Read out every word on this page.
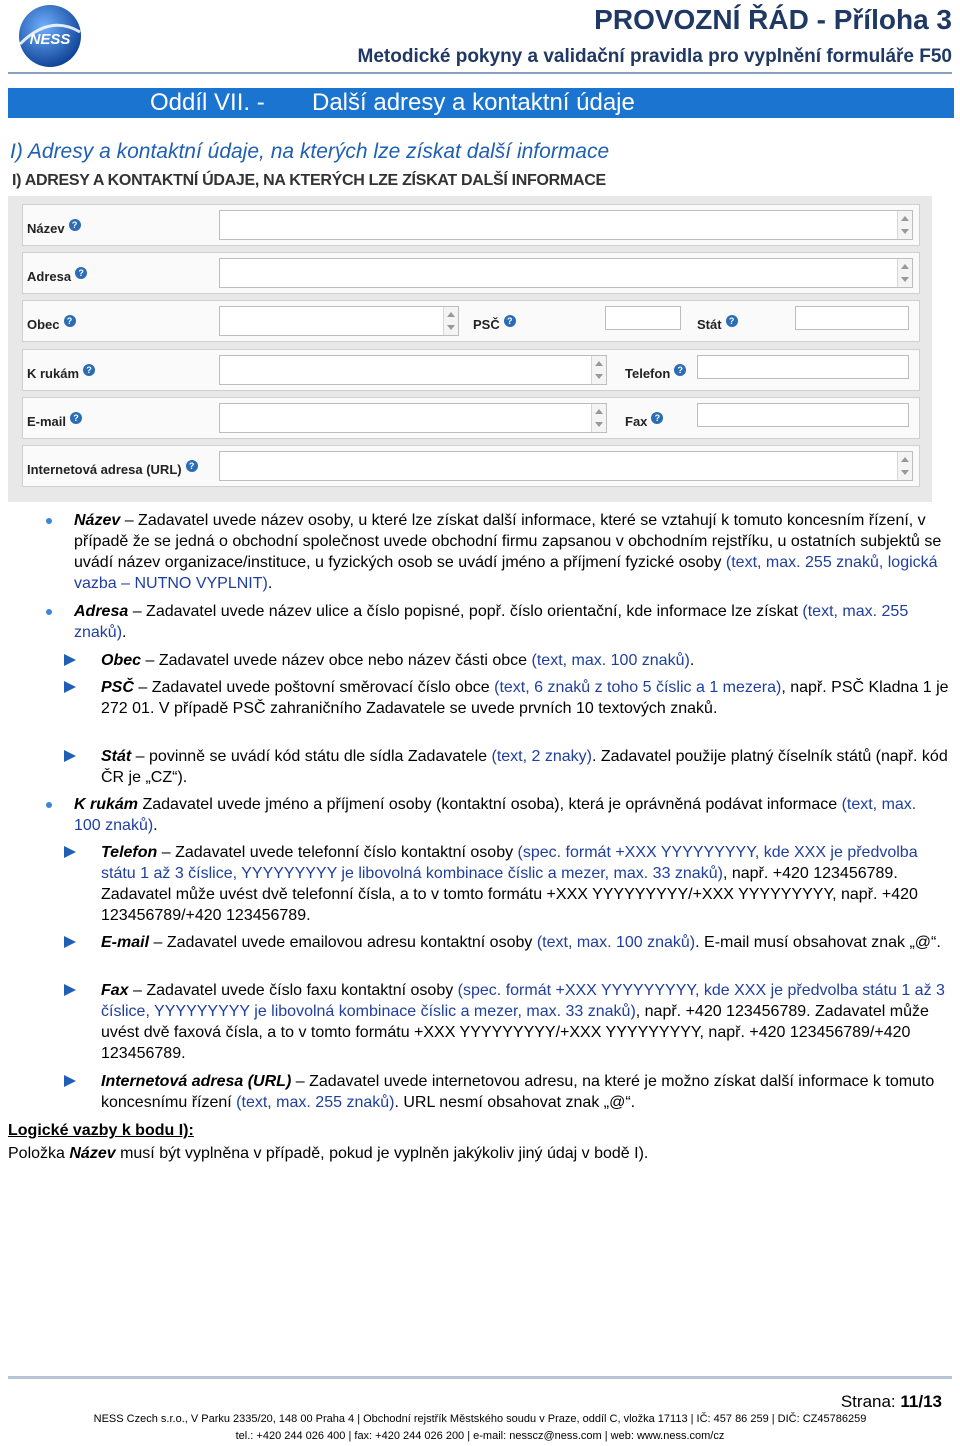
NESS
PROVOZNÍ ŘÁD - Příloha 3
Metodické pokyny a validační pravidla pro vyplnění formuláře F50
Oddíl VII. - Další adresy a kontaktní údaje
I) Adresy a kontaktní údaje, na kterých lze získat další informace
I) ADRESY A KONTAKTNÍ ÚDAJE, NA KTERÝCH LZE ZÍSKAT DALŠÍ INFORMACE
Název ?
Adresa ?
Obec ?	PSČ ?	Stát ?
K rukám ?	Telefon ?
E-mail ?	Fax ?
Internetová adresa (URL) ?
Název – Zadavatel uvede název osoby, u které lze získat další informace, které se vztahují k tomuto koncesním řízení, v případě že se jedná o obchodní společnost uvede obchodní firmu zapsanou v obchodním rejstříku, u ostatních subjektů se uvádí název organizace/instituce, u fyzických osob se uvádí jméno a příjmení fyzické osoby (text, max. 255 znaků, logická vazba – NUTNO VYPLNIT).
Adresa – Zadavatel uvede název ulice a číslo popisné, popř. číslo orientační, kde informace lze získat (text, max. 255 znaků).
Obec – Zadavatel uvede název obce nebo název části obce (text, max. 100 znaků).
PSČ – Zadavatel uvede poštovní směrovací číslo obce (text, 6 znaků z toho 5 číslic a 1 mezera), např. PSČ Kladna 1 je 272 01. V případě PSČ zahraničního Zadavatele se uvede prvních 10 textových znaků.
Stát – povinně se uvádí kód státu dle sídla Zadavatele (text, 2 znaky). Zadavatel použije platný číselník států (např. kód ČR je „CZ“).
K rukám Zadavatel uvede jméno a příjmení osoby (kontaktní osoba), která je oprávněná podávat informace (text, max. 100 znaků).
Telefon – Zadavatel uvede telefonní číslo kontaktní osoby (spec. formát +XXX YYYYYYYYY, kde XXX je předvolba státu 1 až 3 číslice, YYYYYYYYY je libovolná kombinace číslic a mezer, max. 33 znaků), např. +420 123456789. Zadavatel může uvést dvě telefonní čísla, a to v tomto formátu +XXX YYYYYYYYY/+XXX YYYYYYYYY, např. +420 123456789/+420 123456789.
E-mail – Zadavatel uvede emailovou adresu kontaktní osoby (text, max. 100 znaků). E-mail musí obsahovat znak „@“.
Fax – Zadavatel uvede číslo faxu kontaktní osoby (spec. formát +XXX YYYYYYYYY, kde XXX je předvolba státu 1 až 3 číslice, YYYYYYYYY je libovolná kombinace číslic a mezer, max. 33 znaků), např. +420 123456789. Zadavatel může uvést dvě faxová čísla, a to v tomto formátu +XXX YYYYYYYYY/+XXX YYYYYYYYY, např. +420 123456789/+420 123456789.
Internetová adresa (URL) – Zadavatel uvede internetovou adresu, na které je možno získat další informace k tomuto koncesnímu řízení (text, max. 255 znaků). URL nesmí obsahovat znak „@“.
Logické vazby k bodu I):
Položka Název musí být vyplněna v případě, pokud je vyplněn jakýkoliv jiný údaj v bodě I).
Strana: 11/13
NESS Czech s.r.o., V Parku 2335/20, 148 00 Praha 4 | Obchodní rejstřík Městského soudu v Praze, oddíl C, vložka 17113 | IČ: 457 86 259 | DIČ: CZ45786259
tel.: +420 244 026 400 | fax: +420 244 026 200 | e-mail: nesscz@ness.com | web: www.ness.com/cz
